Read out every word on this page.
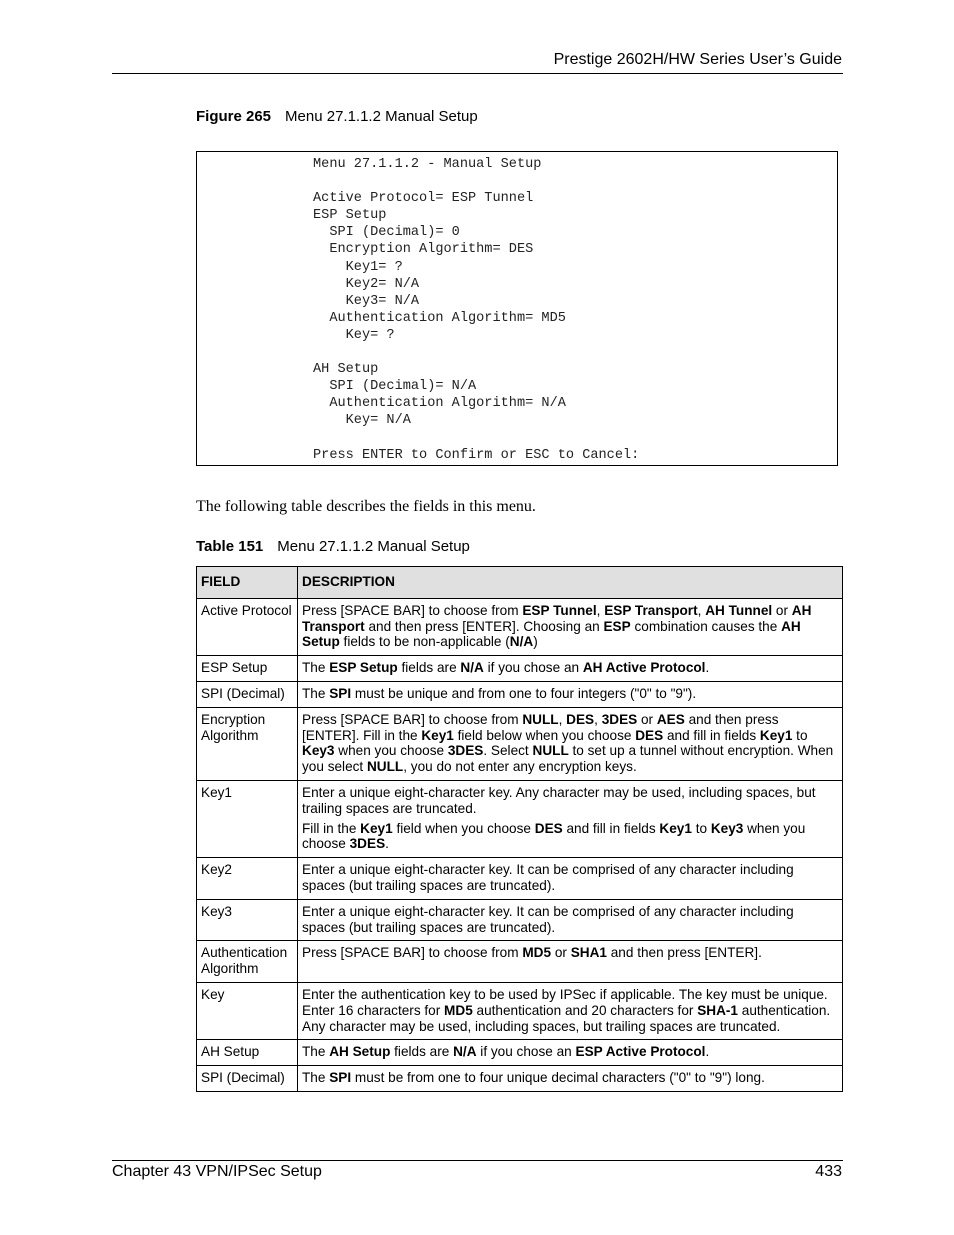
Prestige 2602H/HW Series User’s Guide
Figure 265 Menu 27.1.1.2 Manual Setup
Menu 27.1.1.2 - Manual Setup

Active Protocol= ESP Tunnel
ESP Setup
SPI (Decimal)= 0
Encryption Algorithm= DES
Key1= ?
Key2= N/A
Key3= N/A
Authentication Algorithm= MD5
Key= ?

AH Setup
SPI (Decimal)= N/A
Authentication Algorithm= N/A
Key= N/A

Press ENTER to Confirm or ESC to Cancel:

The following table describes the fields in this menu.
Table 151 Menu 27.1.1.2 Manual Setup
FIELD	DESCRIPTION
Active Protocol	Press [SPACE BAR] to choose from ESP Tunnel, ESP Transport, AH Tunnel or AH Transport and then press [ENTER]. Choosing an ESP combination causes the AH Setup fields to be non-applicable (N/A)

ESP Setup	The ESP Setup fields are N/A if you chose an AH Active Protocol.

SPI (Decimal)	The SPI must be unique and from one to four integers ("0" to "9").

Encryption Algorithm	Press [SPACE BAR] to choose from NULL, DES, 3DES or AES and then press [ENTER]. Fill in the Key1 field below when you choose DES and fill in fields Key1 to Key3 when you choose 3DES. Select NULL to set up a tunnel without encryption. When you select NULL, you do not enter any encryption keys.

Key1	Enter a unique eight-character key. Any character may be used, including spaces, but trailing spaces are truncated.

Fill in the Key1 field when you choose DES and fill in fields Key1 to Key3 when you choose 3DES.

Key2	Enter a unique eight-character key. It can be comprised of any character including spaces (but trailing spaces are truncated).

Key3	Enter a unique eight-character key. It can be comprised of any character including spaces (but trailing spaces are truncated).

Authentication Algorithm	Press [SPACE BAR] to choose from MD5 or SHA1 and then press [ENTER].

Key	Enter the authentication key to be used by IPSec if applicable. The key must be unique. Enter 16 characters for MD5 authentication and 20 characters for SHA-1 authentication. Any character may be used, including spaces, but trailing spaces are truncated.

AH Setup	The AH Setup fields are N/A if you chose an ESP Active Protocol.

SPI (Decimal)	The SPI must be from one to four unique decimal characters ("0" to "9") long.

Chapter 43 VPN/IPSec Setup	433
